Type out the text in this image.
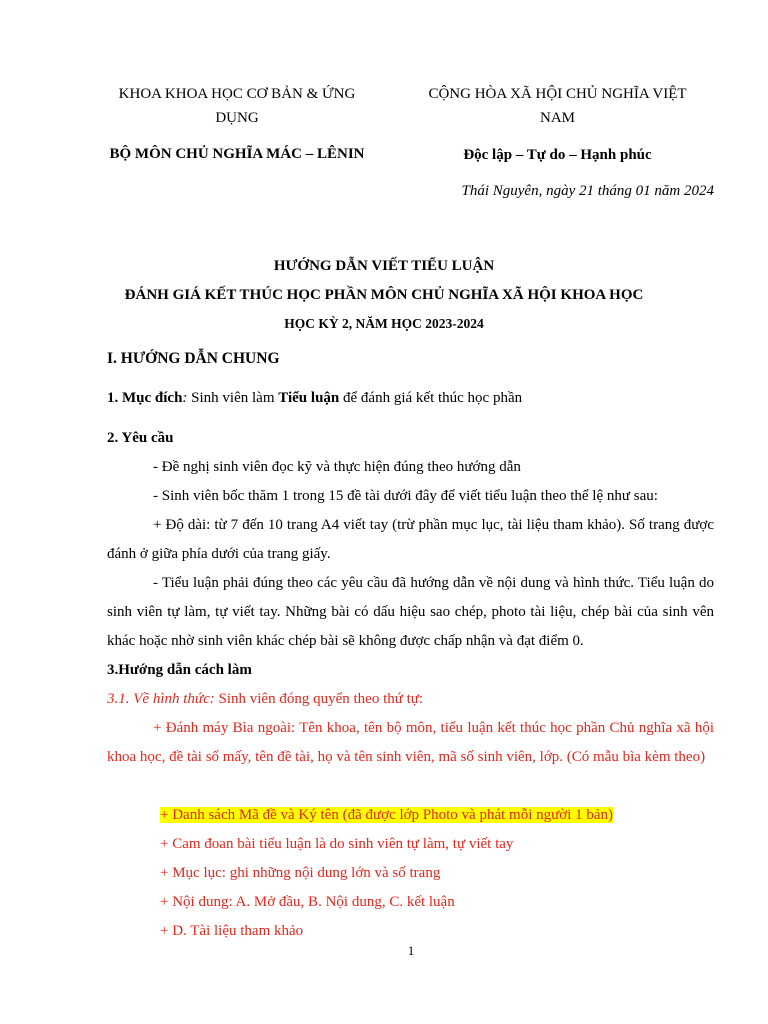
KHOA KHOA HỌC CƠ BẢN & ỨNG
DỤNG
BỘ MÔN CHỦ NGHĨA MÁC – LÊNIN
CỘNG HÒA XÃ HỘI CHỦ NGHĨA VIỆT
NAM
Độc lập – Tự do – Hạnh phúc
Thái Nguyên, ngày 21 tháng 01 năm 2024
HƯỚNG DẪN VIẾT TIỂU LUẬN
ĐÁNH GIÁ KẾT THÚC HỌC PHẦN MÔN CHỦ NGHĨA XÃ HỘI KHOA HỌC
HỌC KỲ 2, NĂM HỌC 2023-2024
I. HƯỚNG DẪN CHUNG
1. Mục đích: Sinh viên làm Tiểu luận để đánh giá kết thúc học phần
2. Yêu cầu
- Đề nghị sinh viên đọc kỹ và thực hiện đúng theo hướng dẫn
- Sinh viên bốc thăm 1 trong 15 đề tài dưới đây để viết tiểu luận theo thể lệ như sau:
+ Độ dài: từ 7 đến 10 trang A4 viết tay (trừ phần mục lục, tài liệu tham khảo). Số trang được đánh ở giữa phía dưới của trang giấy.
- Tiểu luận phải đúng theo các yêu cầu đã hướng dẫn về nội dung và hình thức. Tiểu luận do sinh viên tự làm, tự viết tay. Những bài có dấu hiệu sao chép, photo tài liệu, chép bài của sinh vên khác hoặc nhờ sinh viên khác chép bài sẽ không được chấp nhận và đạt điểm 0.
3.Hướng dẫn cách làm
3.1. Về hình thức: Sinh viên đóng quyển theo thứ tự:
+ Đánh máy Bìa ngoài: Tên khoa, tên bộ môn, tiểu luận kết thúc học phần Chủ nghĩa xã hội khoa học, đề tài số mấy, tên đề tài, họ và tên sinh viên, mã số sinh viên, lớp. (Có mẫu bìa kèm theo)
+ Danh sách Mã đề và Ký tên (đã được lớp Photo và phát mỗi người 1 bản)
+ Cam đoan bài tiểu luận là do sinh viên tự làm, tự viết tay
+ Mục lục: ghi những nội dung lớn và số trang
+ Nội dung: A. Mở đầu, B. Nội dung, C. kết luận
+ D. Tài liệu tham khảo
1
